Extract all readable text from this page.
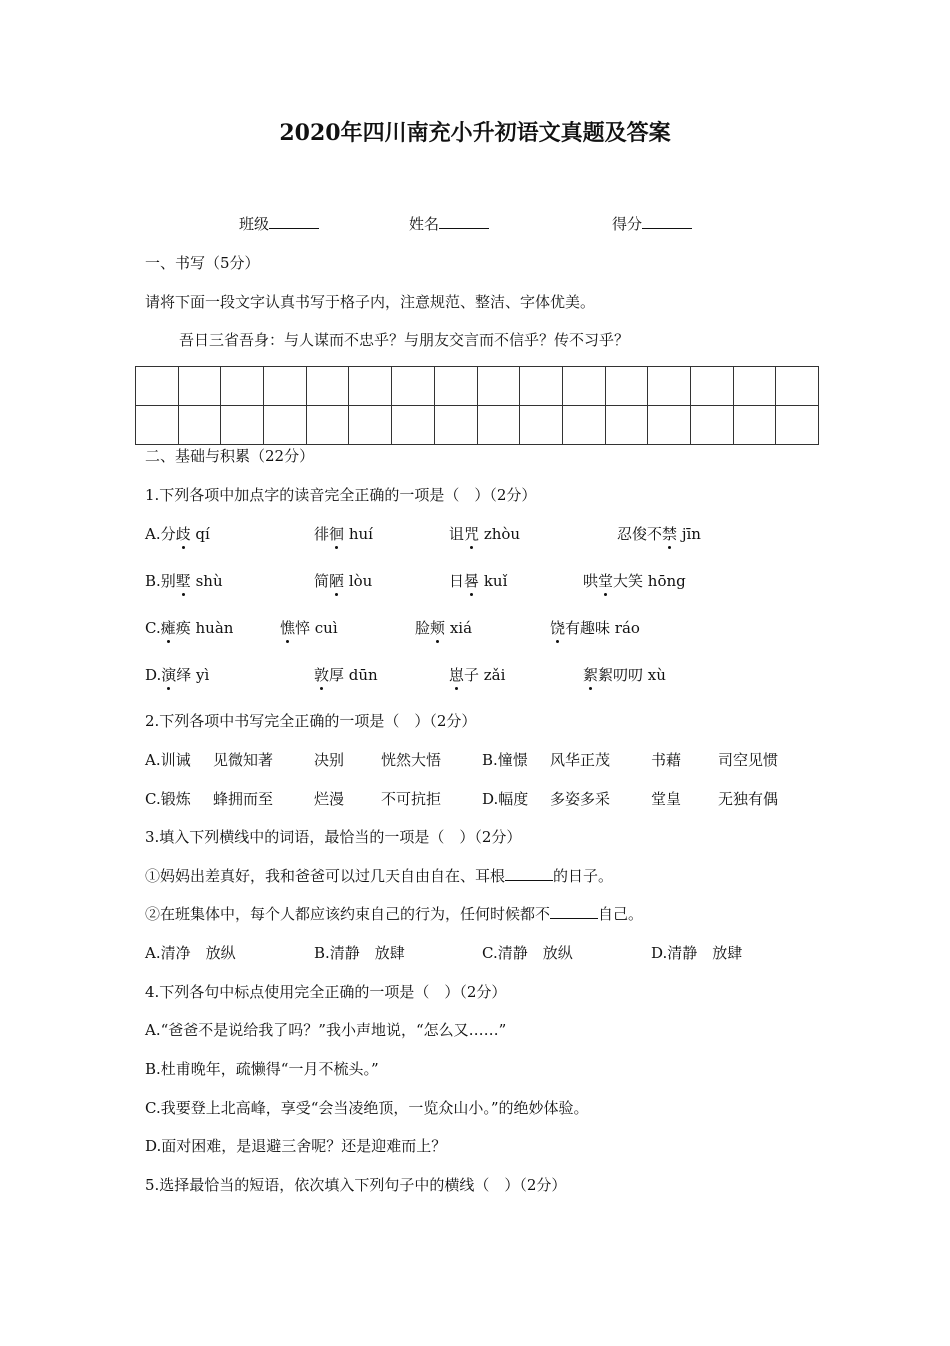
2020年四川南充小升初语文真题及答案
班级	姓名	得分
一、书写（5分）
请将下面一段文字认真书写于格子内，注意规范、整洁、字体优美。
吾日三省吾身：与人谋而不忠乎？与朋友交言而不信乎？传不习乎？

二、基础与积累（22分）
1.下列各项中加点字的读音完全正确的一项是（　）（2分）
A.分歧 qí	徘徊 huí	诅咒 zhòu	忍俊不禁 jīn
B.别墅 shù	简陋 lòu	日晷 kuǐ	哄堂大笑 hōng
C.瘫痪 huàn	憔悴 cuì	脸颊 xiá	饶有趣味 ráo
D.演绎 yì	敦厚 dūn	崽子 zǎi	絮絮叨叨 xù
2.下列各项中书写完全正确的一项是（　）（2分）
A.训诫 见微知著	决别 恍然大悟	B.憧憬 风华正茂	书藉 司空见惯
C.锻炼 蜂拥而至	烂漫 不可抗拒	D.幅度 多姿多采	堂皇 无独有偶
3.填入下列横线中的词语，最恰当的一项是（　）（2分）
①妈妈出差真好，我和爸爸可以过几天自由自在、耳根	的日子。
②在班集体中，每个人都应该约束自己的行为，任何时候都不	自己。
A.清净　放纵	B.清静　放肆	C.清静　放纵	D.清静　放肆
4.下列各句中标点使用完全正确的一项是（　）（2分）
A.“爸爸不是说给我了吗？”我小声地说，“怎么又……”
B.杜甫晚年，疏懒得“一月不梳头。”
C.我要登上北高峰，享受“会当凌绝顶，一览众山小。”的绝妙体验。
D.面对困难，是退避三舍呢？还是迎难而上？
5.选择最恰当的短语，依次填入下列句子中的横线（　）（2分）
